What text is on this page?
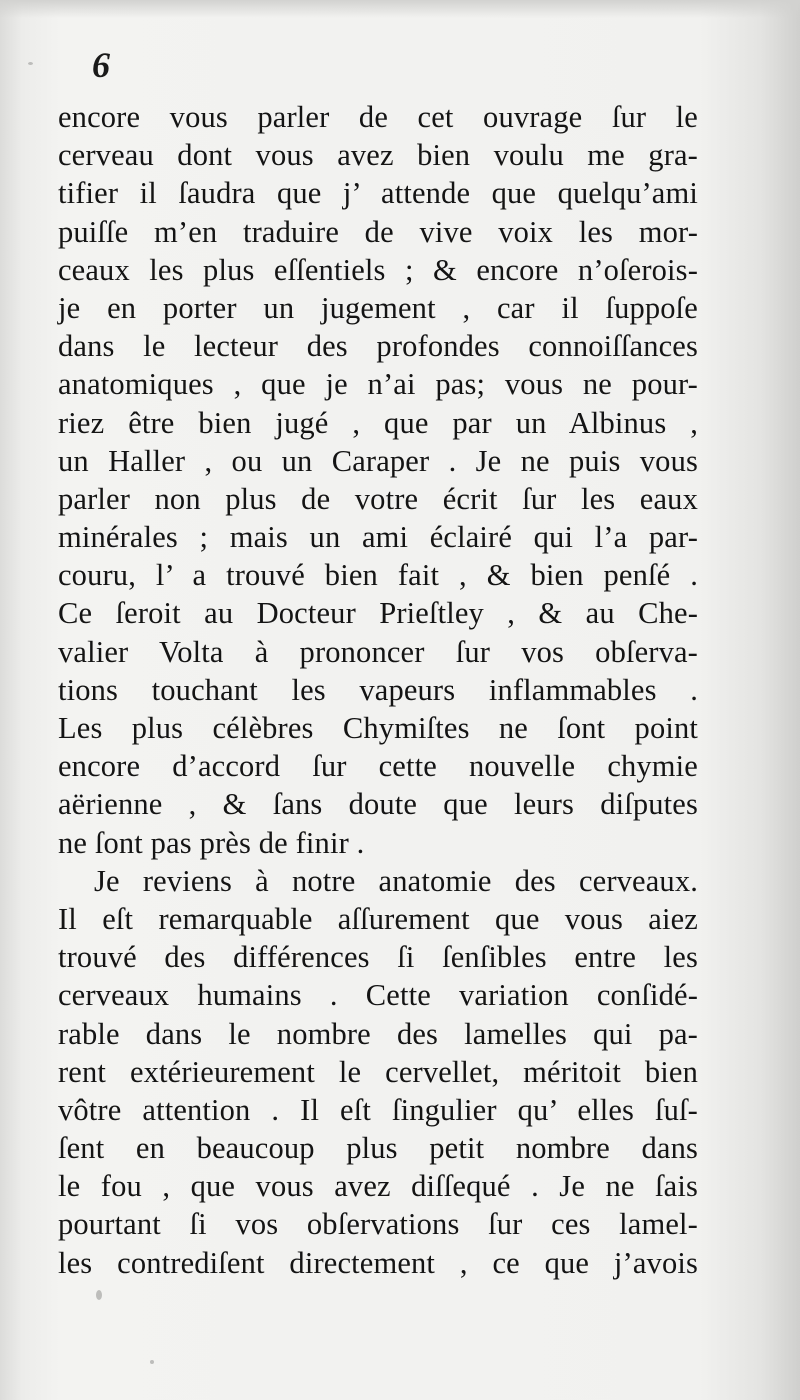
6
encore vous parler de cet ouvrage ſur le
cerveau dont vous avez bien voulu me gra-
tifier il ſaudra que j’ attende que quelqu’ami
puiſſe m’en traduire de vive voix les mor-
ceaux les plus eſſentiels ; & encore n’oſerois-
je en porter un jugement , car il ſuppoſe
dans le lecteur des profondes connoiſſances
anatomiques , que je n’ai pas; vous ne pour-
riez être bien jugé , que par un Albinus ,
un Haller , ou un Caraper . Je ne puis vous
parler non plus de votre écrit ſur les eaux
minérales ; mais un ami éclairé qui l’a par-
couru, l’ a trouvé bien fait , & bien penſé .
Ce ſeroit au Docteur Prieſtley , & au Che-
valier Volta à prononcer ſur vos obſerva-
tions touchant les vapeurs inflammables .
Les plus célèbres Chymiſtes ne ſont point
encore d’accord ſur cette nouvelle chymie
aërienne , & ſans doute que leurs diſputes
ne ſont pas près de finir .
Je reviens à notre anatomie des cerveaux.
Il eſt remarquable aſſurement que vous aiez
trouvé des différences ſi ſenſibles entre les
cerveaux humains . Cette variation conſidé-
rable dans le nombre des lamelles qui pa-
rent extérieurement le cervellet, méritoit bien
vôtre attention . Il eſt ſingulier qu’ elles ſuſ-
ſent en beaucoup plus petit nombre dans
le fou , que vous avez diſſequé . Je ne ſais
pourtant ſi vos obſervations ſur ces lamel-
les contrediſent directement , ce que j’avois
